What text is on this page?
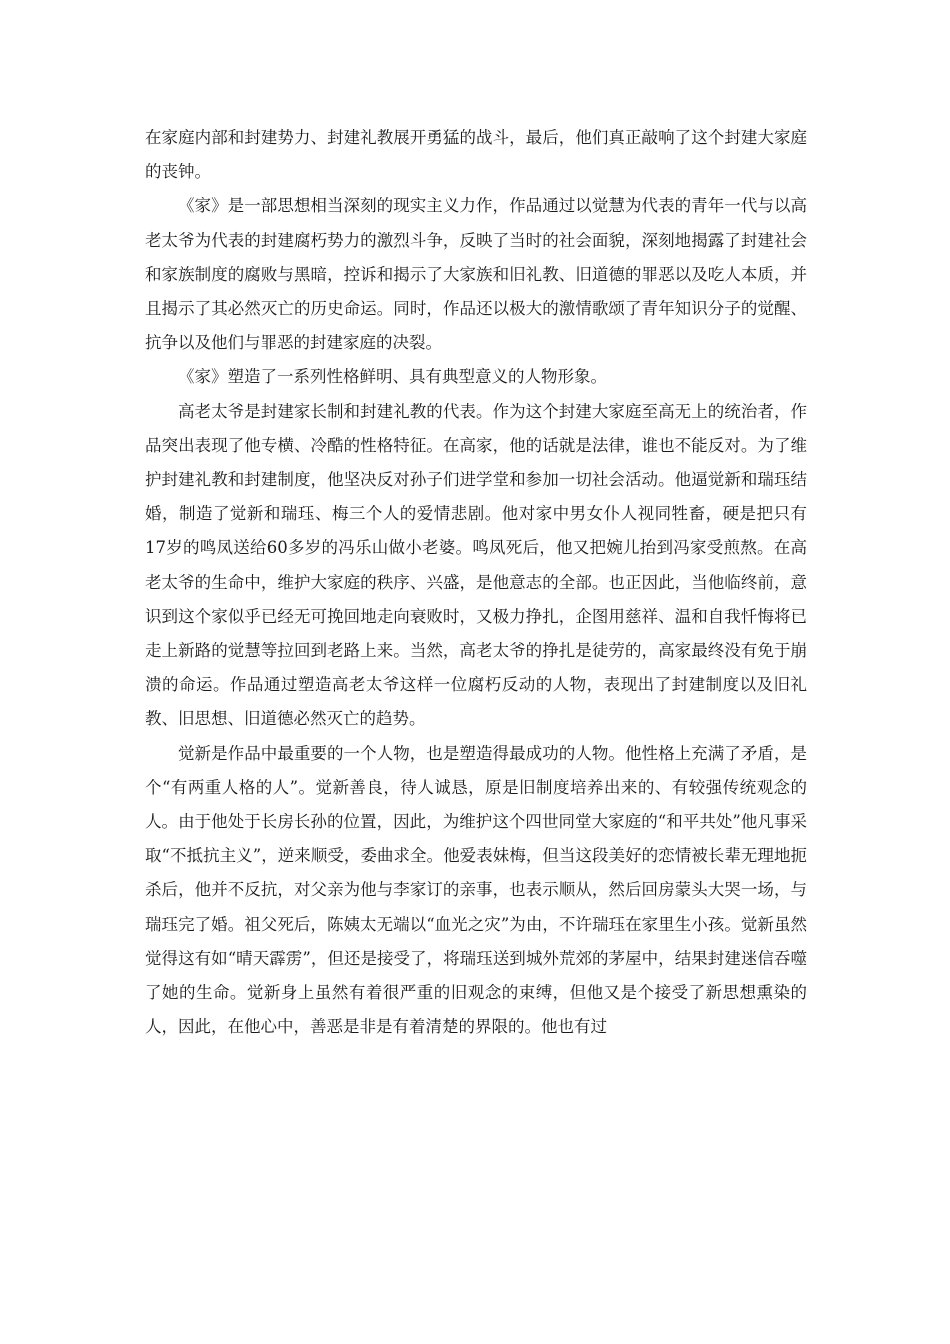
在家庭内部和封建势力、封建礼教展开勇猛的战斗，最后，他们真正敲响了这个封建大家庭的丧钟。

《家》是一部思想相当深刻的现实主义力作，作品通过以觉慧为代表的青年一代与以高老太爷为代表的封建腐朽势力的激烈斗争，反映了当时的社会面貌，深刻地揭露了封建社会和家族制度的腐败与黑暗，控诉和揭示了大家族和旧礼教、旧道德的罪恶以及吃人本质，并且揭示了其必然灭亡的历史命运。同时，作品还以极大的激情歌颂了青年知识分子的觉醒、抗争以及他们与罪恶的封建家庭的决裂。

《家》塑造了一系列性格鲜明、具有典型意义的人物形象。

高老太爷是封建家长制和封建礼教的代表。作为这个封建大家庭至高无上的统治者，作品突出表现了他专横、冷酷的性格特征。在高家，他的话就是法律，谁也不能反对。为了维护封建礼教和封建制度，他坚决反对孙子们进学堂和参加一切社会活动。他逼觉新和瑞珏结婚，制造了觉新和瑞珏、梅三个人的爱情悲剧。他对家中男女仆人视同牲畜，硬是把只有17岁的鸣凤送给60多岁的冯乐山做小老婆。鸣凤死后，他又把婉儿抬到冯家受煎熬。在高老太爷的生命中，维护大家庭的秩序、兴盛，是他意志的全部。也正因此，当他临终前，意识到这个家似乎已经无可挽回地走向衰败时，又极力挣扎，企图用慈祥、温和自我忏悔将已走上新路的觉慧等拉回到老路上来。当然，高老太爷的挣扎是徒劳的，高家最终没有免于崩溃的命运。作品通过塑造高老太爷这样一位腐朽反动的人物，表现出了封建制度以及旧礼教、旧思想、旧道德必然灭亡的趋势。

觉新是作品中最重要的一个人物，也是塑造得最成功的人物。他性格上充满了矛盾，是个“有两重人格的人”。觉新善良，待人诚恳，原是旧制度培养出来的、有较强传统观念的人。由于他处于长房长孙的位置，因此，为维护这个四世同堂大家庭的“和平共处”他凡事采取“不抵抗主义”，逆来顺受，委曲求全。他爱表妹梅，但当这段美好的恋情被长辈无理地扼杀后，他并不反抗，对父亲为他与李家订的亲事，也表示顺从，然后回房蒙头大哭一场，与瑞珏完了婚。祖父死后，陈姨太无端以“血光之灾”为由，不许瑞珏在家里生小孩。觉新虽然觉得这有如“晴天霹雳”，但还是接受了，将瑞珏送到城外荒郊的茅屋中，结果封建迷信吞噬了她的生命。觉新身上虽然有着很严重的旧观念的束缚，但他又是个接受了新思想熏染的人，因此，在他心中，善恶是非是有着清楚的界限的。他也有过
